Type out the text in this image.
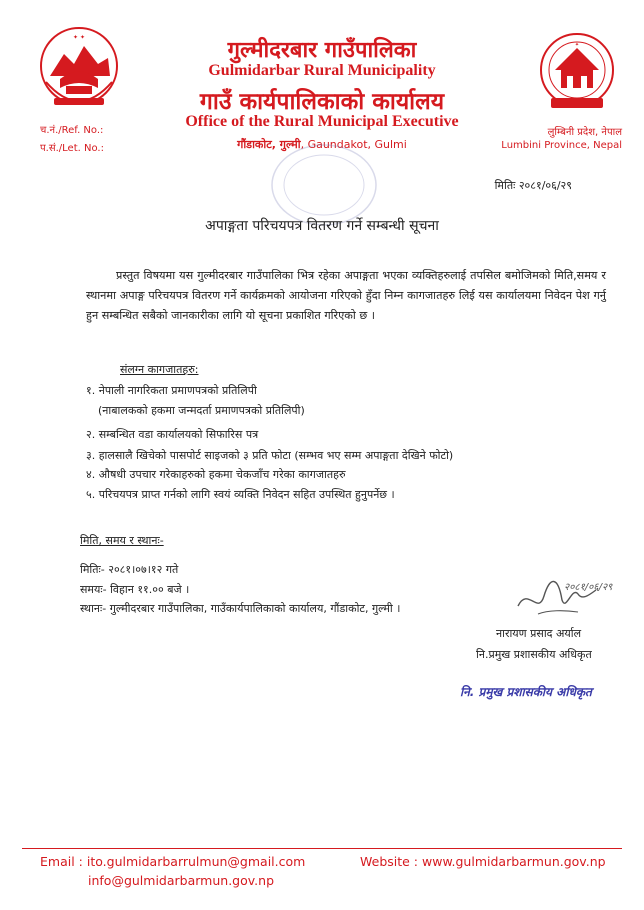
✦ ✦
✦
गुल्मीदरबार गाउँपालिका
Gulmidarbar Rural Municipality
गाउँ कार्यपालिकाको कार्यालय
Office of the Rural Municipal Executive
गौंडाकोट, गुल्मी, Gaundakot, Gulmi
च.नं./Ref. No.:
प.सं./Let. No.:
लुम्बिनी प्रदेश, नेपाल
Lumbini Province, Nepal
मितिः २०८१/०६/२९
अपाङ्गता परिचयपत्र वितरण गर्ने सम्बन्धी सूचना
प्रस्तुत विषयमा यस गुल्मीदरबार गाउँपालिका भित्र रहेका अपाङ्गता भएका व्यक्तिहरुलाई तपसिल बमोजिमको मिति,समय र स्थानमा अपाङ्ग परिचयपत्र वितरण गर्ने कार्यक्रमको आयोजना गरिएको हुँदा निम्न कागजातहरु लिई यस कार्यालयमा निवेदन पेश गर्नु हुन सम्बन्धित सबैको जानकारीका लागि यो सूचना प्रकाशित गरिएको छ ।
संलग्न कागजातहरु:
१. नेपाली नागरिकता प्रमाणपत्रको प्रतिलिपी
(नाबालकको हकमा जन्मदर्ता प्रमाणपत्रको प्रतिलिपी)
२. सम्बन्धित वडा कार्यालयको सिफारिस पत्र
३. हालसालै खिचेको पासपोर्ट साइजको ३ प्रति फोटा (सम्भव भए सम्म अपाङ्गता देखिने फोटो)
४. औषधी उपचार गरेकाहरुको हकमा चेकजाँच गरेका कागजातहरु
५. परिचयपत्र प्राप्त गर्नको लागि स्वयं व्यक्ति निवेदन सहित उपस्थित हुनुपर्नेछ ।
मिति, समय र स्थानः-
मितिः- २०८१।०७।१२ गते
समयः- विहान ११.०० बजे ।
स्थानः- गुल्मीदरबार गाउँपालिका, गाउँकार्यपालिकाको कार्यालय, गौंडाकोट, गुल्मी ।
२०८१/०६/२९
नारायण प्रसाद अर्याल
नि.प्रमुख प्रशासकीय अधिकृत
नि. प्रमुख प्रशासकीय अधिकृत
Email : ito.gulmidarbarrulmun@gmail.com
info@gulmidarbarmun.gov.np
Website : www.gulmidarbarmun.gov.np
